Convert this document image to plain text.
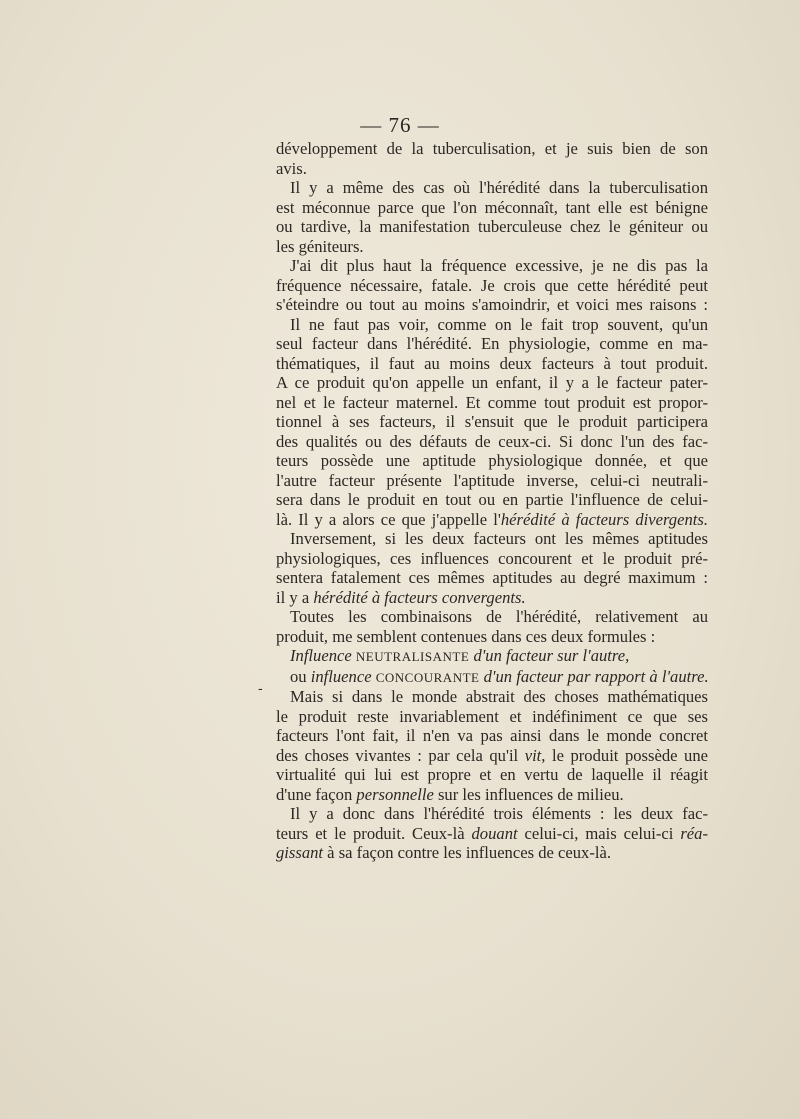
— 76 —

développement de la tuberculisation, et je suis bien de son
avis.

Il y a même des cas où l'hérédité dans la tuberculisation
est méconnue parce que l'on méconnaît, tant elle est bénigne
ou tardive, la manifestation tuberculeuse chez le géniteur ou
les géniteurs.

J'ai dit plus haut la fréquence excessive, je ne dis pas la
fréquence nécessaire, fatale. Je crois que cette hérédité peut
s'éteindre ou tout au moins s'amoindrir, et voici mes raisons :

Il ne faut pas voir, comme on le fait trop souvent, qu'un
seul facteur dans l'hérédité. En physiologie, comme en ma-
thématiques, il faut au moins deux facteurs à tout produit.
A ce produit qu'on appelle un enfant, il y a le facteur pater-
nel et le facteur maternel. Et comme tout produit est propor-
tionnel à ses facteurs, il s'ensuit que le produit participera
des qualités ou des défauts de ceux-ci. Si donc l'un des fac-
teurs possède une aptitude physiologique donnée, et que
l'autre facteur présente l'aptitude inverse, celui-ci neutrali-
sera dans le produit en tout ou en partie l'influence de celui-
là. Il y a alors ce que j'appelle l'hérédité à facteurs divergents.

Inversement, si les deux facteurs ont les mêmes aptitudes
physiologiques, ces influences concourent et le produit pré-
sentera fatalement ces mêmes aptitudes au degré maximum :
il y a hérédité à facteurs convergents.

Toutes les combinaisons de l'hérédité, relativement au
produit, me semblent contenues dans ces deux formules :

Influence NEUTRALISANTE d'un facteur sur l'autre,
ou influence CONCOURANTE d'un facteur par rapport à l'autre.

Mais si dans le monde abstrait des choses mathématiques
le produit reste invariablement et indéfiniment ce que ses
facteurs l'ont fait, il n'en va pas ainsi dans le monde concret
des choses vivantes : par cela qu'il vit, le produit possède une
virtualité qui lui est propre et en vertu de laquelle il réagit
d'une façon personnelle sur les influences de milieu.

Il y a donc dans l'hérédité trois éléments : les deux fac-
teurs et le produit. Ceux-là douant celui-ci, mais celui-ci réa-
gissant à sa façon contre les influences de ceux-là.

-
